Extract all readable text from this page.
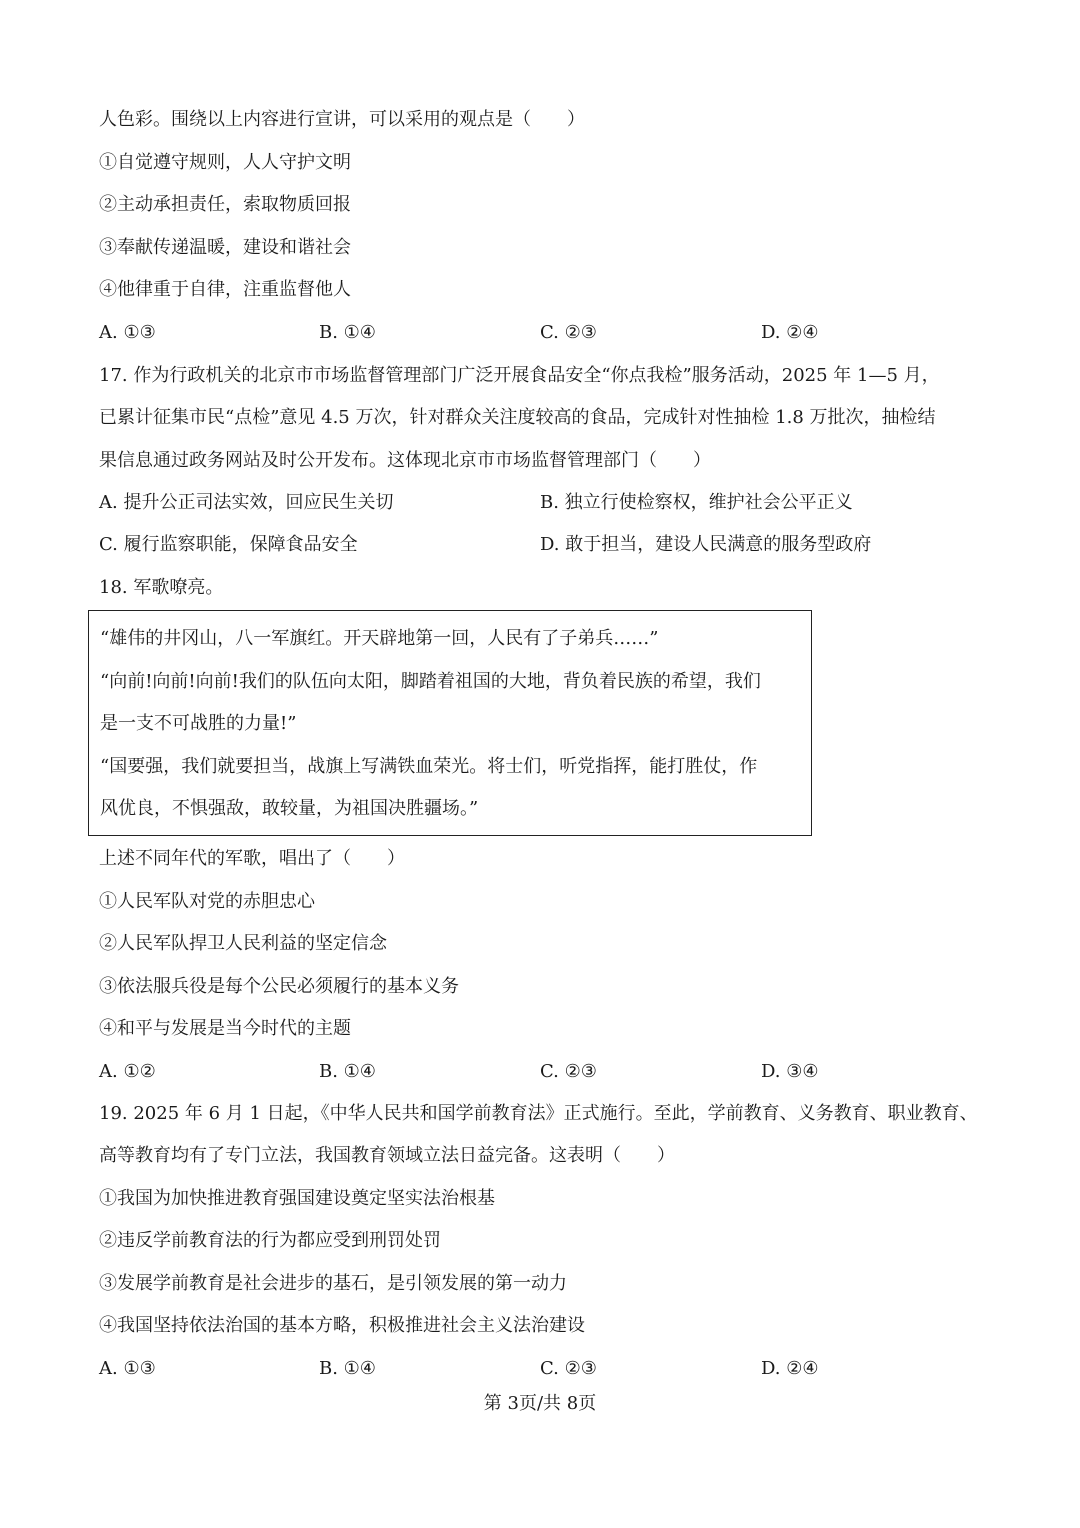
人色彩。围绕以上内容进行宣讲，可以采用的观点是（　　）
①自觉遵守规则，人人守护文明
②主动承担责任，索取物质回报
③奉献传递温暖，建设和谐社会
④他律重于自律，注重监督他人
A. ①③	B. ①④	C. ②③	D. ②④
17. 作为行政机关的北京市市场监督管理部门广泛开展食品安全“你点我检”服务活动，2025 年 1—5 月，
已累计征集市民“点检”意见 4.5 万次，针对群众关注度较高的食品，完成针对性抽检 1.8 万批次，抽检结
果信息通过政务网站及时公开发布。这体现北京市市场监督管理部门（　　）
A. 提升公正司法实效，回应民生关切	B. 独立行使检察权，维护社会公平正义
C. 履行监察职能，保障食品安全	D. 敢于担当，建设人民满意的服务型政府
18. 军歌嘹亮。
“雄伟的井冈山，八一军旗红。开天辟地第一回，人民有了子弟兵……”
“向前!向前!向前!我们的队伍向太阳，脚踏着祖国的大地，背负着民族的希望，我们
是一支不可战胜的力量!”
“国要强，我们就要担当，战旗上写满铁血荣光。将士们，听党指挥，能打胜仗，作
风优良，不惧强敌，敢较量，为祖国决胜疆场。”
上述不同年代的军歌，唱出了（　　）
①人民军队对党的赤胆忠心
②人民军队捍卫人民利益的坚定信念
③依法服兵役是每个公民必须履行的基本义务
④和平与发展是当今时代的主题
A. ①②	B. ①④	C. ②③	D. ③④
19. 2025 年 6 月 1 日起，《中华人民共和国学前教育法》正式施行。至此，学前教育、义务教育、职业教育、
高等教育均有了专门立法，我国教育领域立法日益完备。这表明（　　）
①我国为加快推进教育强国建设奠定坚实法治根基
②违反学前教育法的行为都应受到刑罚处罚
③发展学前教育是社会进步的基石，是引领发展的第一动力
④我国坚持依法治国的基本方略，积极推进社会主义法治建设
A. ①③	B. ①④	C. ②③	D. ②④
第 3页/共 8页
